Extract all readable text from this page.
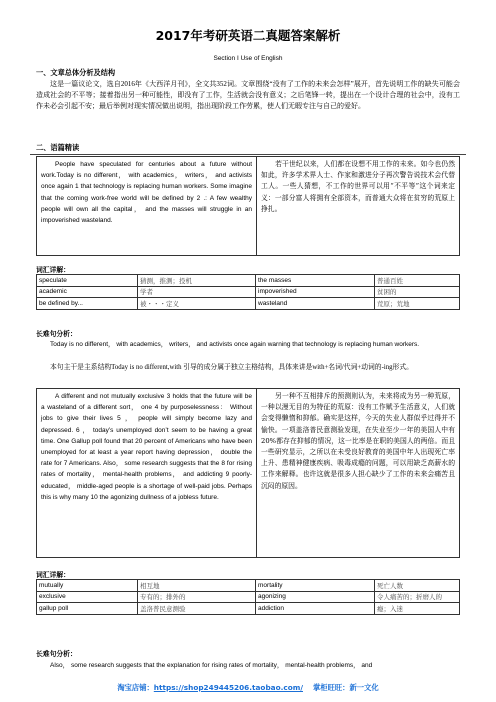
2017年考研英语二真题答案解析
Section I Use of English
一、文章总体分析及结构
这是一篇议论文，选自2016年《大西洋月刊》，全文共352词。文章围绕“没有了工作的未来会怎样”展开，首先说明工作的缺失可能会造成社会的不平等；接着指出另一种可能性，即没有了工作，生活就会没有意义；之后笔锋一转，提出在一个设计合理的社会中，没有工作未必会引起不安；最后举例对现实情况做出说明，指出现阶段工作劳累，使人们无暇专注与自己的爱好。
二、语篇精读
People have speculated for centuries about a future without work.Today is no different， with academics， writers， and activists once again 1 that technology is replacing human workers. Some imagine that the coming work-free world will be defined by 2 .: A few wealthy people will own all the capital， and the masses will struggle in an impoverished wasteland.	若干世纪以来，人们都在设想不用工作的未来。如今也仍然如此，许多学术界人士、作家和激进分子再次警告说技术会代替工人。一些人猜想，不工作的世界可以用“不平等”这个词来定义：一部分富人将拥有全部资本，而普通大众将在贫穷的荒原上挣扎。
词汇详解：
speculate	猜测，推测；投机	the masses	普通百姓
academic	学者	impoverished	贫困的
be defined by...	被・・・定义	wasteland	荒原；荒地
长难句分析：
Today is no different， with academics， writers， and activists once again warning that technology is replacing human workers.
本句主干是主系结构Today is no different,with 引导的成分属于独立主格结构，具体来讲是with+名词/代词+动词的-ing形式。
A different and not mutually exclusive 3 holds that the future will be a wasteland of a different sort， one 4 by purposelessness： Without jobs to give their lives 5 ， people will simply become lazy and depressed. 6 ， today’s unemployed don’t seem to be having a great time. One Gallup poll found that 20 percent of Americans who have been unemployed for at least a year report having depression， double the rate for 7 Americans. Also， some research suggests that the 8 for rising rates of mortality， mental-health problems， and addicting 9 poorly-educated， middle-aged people is a shortage of well-paid jobs. Perhaps this is why many 10 the agonizing dullness of a jobless future.	另一种不互相排斥的预测则认为，未来将成为另一种荒原，一种以漫无目的为特征的荒原：没有工作赋予生活意义，人们就会变得懒惰和抑郁。确实是这样，今天的失业人群似乎过得并不愉快。一项盖洛普民意测验发现，在失业至少一年的美国人中有20%都存在抑郁的情况，这一比率是在职的美国人的两倍。而且一些研究显示，之所以在未受良好教育的美国中年人出现死亡率上升、患精神健康疾病、吸毒成瘾的问题，可以用缺乏高薪水的工作来解释。也许这就是很多人担心缺少了工作的未来会痛苦且沉闷的原因。
词汇详解：
mutually	相互地	mortality	死亡人数
exclusive	专有的；排外的	agonizing	令人痛苦的；折磨人的
gallup poll	盖洛普民意测验	addiction	瘾；入迷
长难句分析：
Also， some research suggests that the explanation for rising rates of mortality， mental-health problems， and
淘宝店铺：https://shop249445206.taobao.com/ 掌柜旺旺：新一文化
